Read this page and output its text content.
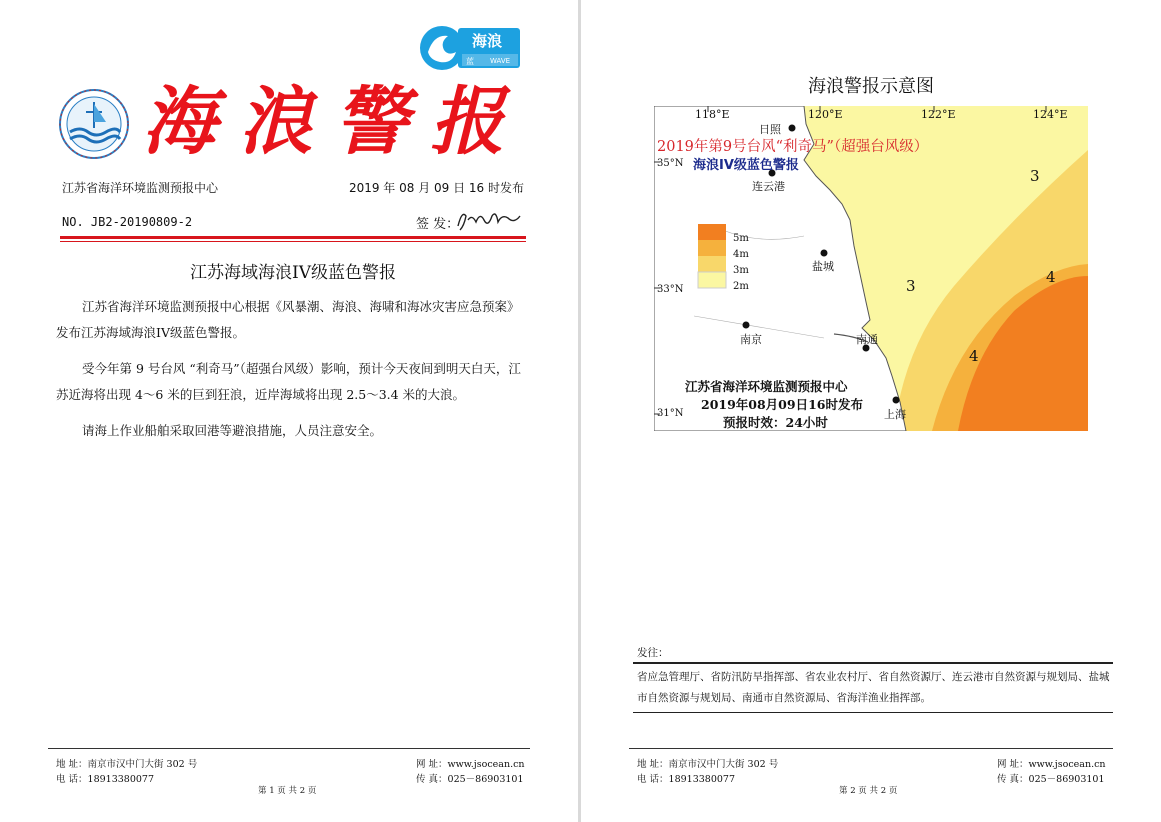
海浪警报
海浪
蓝 WAVE
江苏省海洋环境监测预报中心	2019 年 08 月 09 日 16 时发布
NO. JB2-20190809-2	签 发：
江苏海域海浪IV级蓝色警报

江苏省海洋环境监测预报中心根据《风暴潮、海浪、海啸和海冰灾害应急预案》发布江苏海域海浪IV级蓝色警报。

受今年第 9 号台风 “利奇马”（超强台风级）影响，预计今天夜间到明天白天，江苏近海将出现 4～6 米的巨到狂浪，近岸海域将出现 2.5～3.4 米的大浪。

请海上作业船舶采取回港等避浪措施，人员注意安全。

地 址：南京市汉中门大街 302 号
电 话：18913380077
网 址：www.jsocean.cn
传 真：025－86903101
第 1 页 共 2 页
海浪警报示意图
118°E	120°E	122°E	124°E
35°N
33°N
31°N
2019年第9号台风“利奇马”（超强台风级）
海浪IV级蓝色警报
日照
连云港
盐城
南京	南通
上海
5m
4m
3m
2m
3
3	4
4
江苏省海洋环境监测预报中心
2019年08月09日16时发布
预报时效：24小时
发往：

省应急管理厅、省防汛防旱指挥部、省农业农村厅、省自然资源厅、连云港市自然资源与规划局、盐城市自然资源与规划局、南通市自然资源局、省海洋渔业指挥部。

地 址：南京市汉中门大街 302 号
电 话：18913380077
网 址：www.jsocean.cn
传 真：025－86903101
第 2 页 共 2 页
